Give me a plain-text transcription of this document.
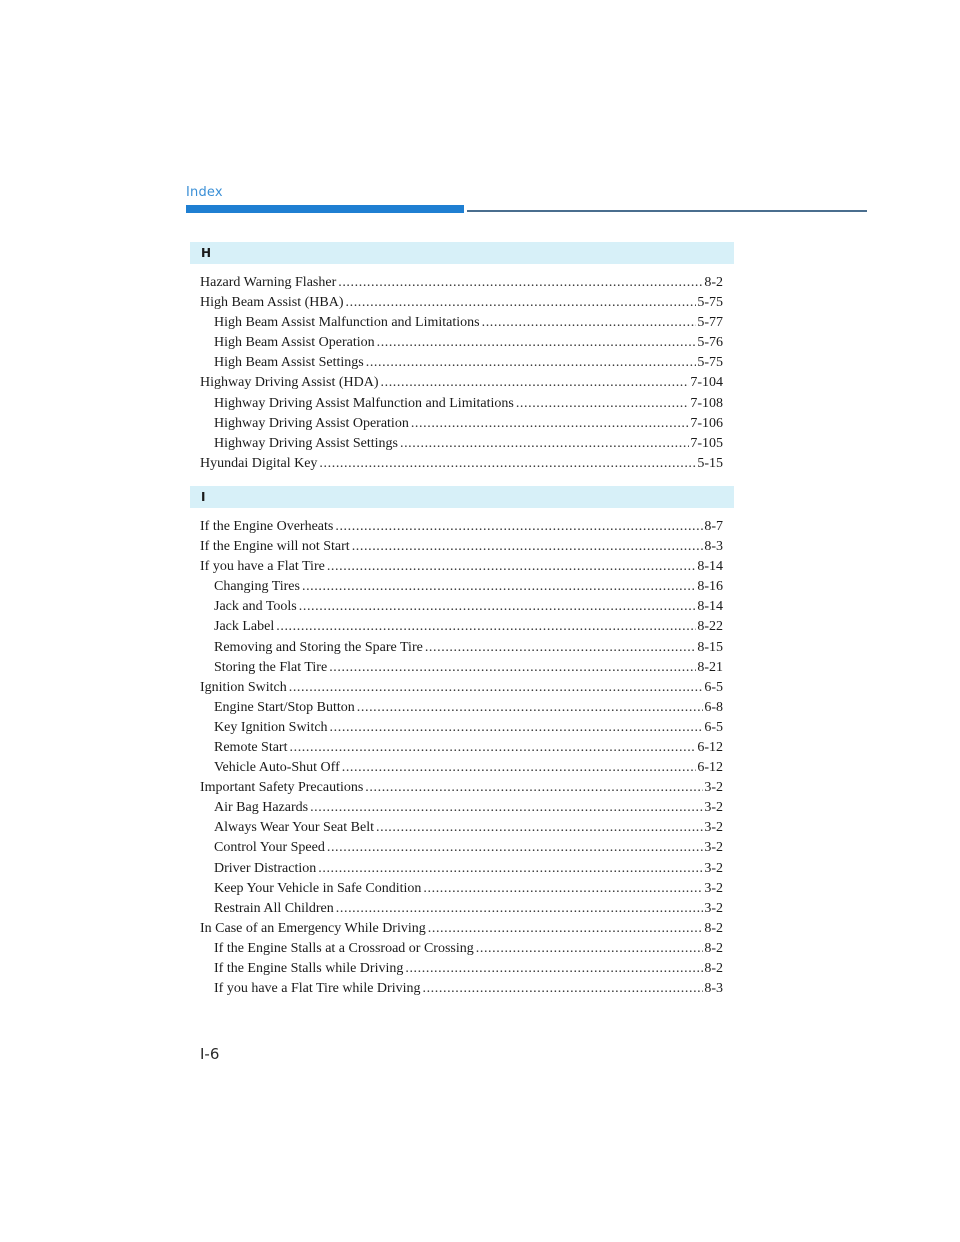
Index
H
Hazard Warning Flasher .....	8-2
High Beam Assist (HBA) .....	5-75
High Beam Assist Malfunction and Limitations .....	5-77
High Beam Assist Operation .....	5-76
High Beam Assist Settings .....	5-75
Highway Driving Assist (HDA) .....	7-104
Highway Driving Assist Malfunction and Limitations .....	7-108
Highway Driving Assist Operation .....	7-106
Highway Driving Assist Settings .....	7-105
Hyundai Digital Key .....	5-15
I
If the Engine Overheats .....	8-7
If the Engine will not Start .....	8-3
If you have a Flat Tire .....	8-14
Changing Tires .....	8-16
Jack and Tools .....	8-14
Jack Label .....	8-22
Removing and Storing the Spare Tire .....	8-15
Storing the Flat Tire .....	8-21
Ignition Switch .....	6-5
Engine Start/Stop Button .....	6-8
Key Ignition Switch .....	6-5
Remote Start .....	6-12
Vehicle Auto-Shut Off .....	6-12
Important Safety Precautions .....	3-2
Air Bag Hazards .....	3-2
Always Wear Your Seat Belt .....	3-2
Control Your Speed .....	3-2
Driver Distraction .....	3-2
Keep Your Vehicle in Safe Condition .....	3-2
Restrain All Children .....	3-2
In Case of an Emergency While Driving .....	8-2
If the Engine Stalls at a Crossroad or Crossing .....	8-2
If the Engine Stalls while Driving .....	8-2
If you have a Flat Tire while Driving .....	8-3
I-6
